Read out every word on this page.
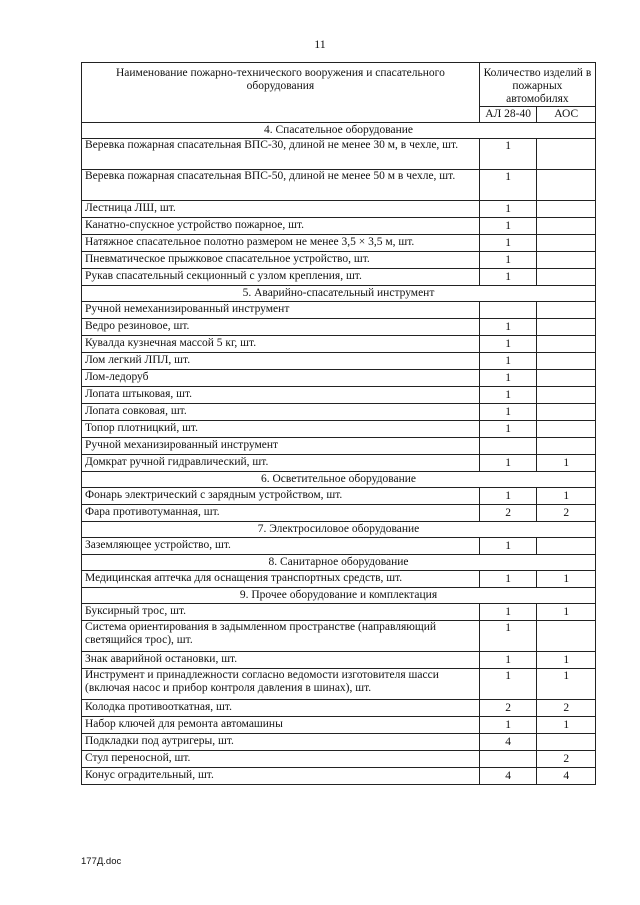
11
Наименование пожарно-технического вооружения и спасательного оборудования	Количество изделий в пожарных автомобилях	
	АЛ 28-40	АОС
4. Спасательное оборудование		
Веревка пожарная спасательная ВПС-30, длиной не менее 30 м, в чехле, шт.	1	
Веревка пожарная спасательная ВПС-50, длиной не менее 50 м в чехле, шт.	1	
Лестница ЛШ, шт.	1	
Канатно-спускное устройство пожарное, шт.	1	
Натяжное спасательное полотно размером не менее 3,5 × 3,5 м, шт.	1	
Пневматическое прыжковое спасательное устройство, шт.	1	
Рукав спасательный секционный с узлом крепления, шт.	1	
5. Аварийно-спасательный инструмент		
Ручной немеханизированный инструмент		
Ведро резиновое, шт.	1	
Кувалда кузнечная массой 5 кг, шт.	1	
Лом легкий ЛПЛ, шт.	1	
Лом-ледоруб	1	
Лопата штыковая, шт.	1	
Лопата совковая, шт.	1	
Топор плотницкий, шт.	1	
Ручной механизированный инструмент		
Домкрат ручной гидравлический, шт.	1	1
6. Осветительное оборудование		
Фонарь электрический с зарядным устройством, шт.	1	1
Фара противотуманная, шт.	2	2
7. Электросиловое оборудование		
Заземляющее устройство, шт.	1	
8. Санитарное оборудование		
Медицинская аптечка для оснащения транспортных средств, шт.	1	1
9. Прочее оборудование и комплектация		
Буксирный трос, шт.	1	1
Система ориентирования в задымленном пространстве (направляющий светящийся трос), шт.	1	
Знак аварийной остановки, шт.	1	1
Инструмент и принадлежности согласно ведомости изготовителя шасси (включая насос и прибор контроля давления в шинах), шт.	1	1
Колодка противооткатная, шт.	2	2
Набор ключей для ремонта автомашины	1	1
Подкладки под аутригеры, шт.	4	
Стул переносной, шт.		2
Конус оградительный, шт.	4	4
177Д.doc
